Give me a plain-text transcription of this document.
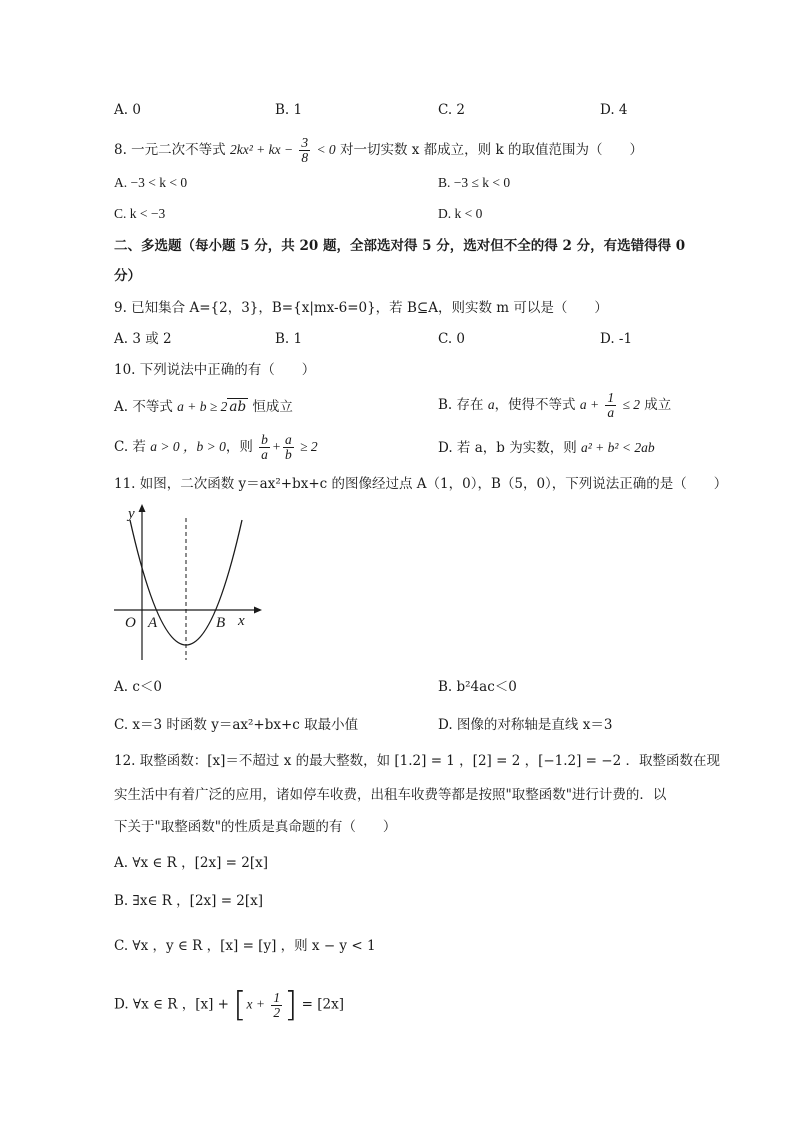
A. 0	B. 1	C. 2	D. 4
8. 一元二次不等式 2kx² + kx − $\frac{3}{8} < 0$ 对一切实数 x 都成立，则 k 的取值范围为（　　）
A. −3 < k < 0	B. −3 ≤ k < 0
C. k < −3	D. k < 0
二、多选题（每小题 5 分，共 20 题，全部选对得 5 分，选对但不全的得 2 分，有选错得得 0
分）
9. 已知集合 A={2，3}，B={x|mx-6=0}，若 B⊆A，则实数 m 可以是（　　）
A. 3 或 2	B. 1	C. 0	D. -1
10. 下列说法中正确的有（　　）
A. 不等式 a + b ≥ 2 ab 恒成立	B. 存在 a，使得不等式 $a + \frac{1}{a} \le 2$ 成立
C. 若 a > 0 ，b > 0，则 $\frac{b}{a} + \frac{a}{b} \ge 2$	D. 若 a，b 为实数，则 a² + b² < 2ab
11. 如图，二次函数 y＝ax²+bx+c 的图像经过点 A（1，0），B（5，0），下列说法正确的是（　　）
y
x
O A	B
A. c＜0	B. b²4ac＜0
C. x＝3 时函数 y＝ax²+bx+c 取最小值	D. 图像的对称轴是直线 x＝3
12. 取整函数：[x]＝不超过 x 的最大整数，如 [1.2] = 1 ，[2] = 2 ，[−1.2] = −2 ．取整函数在现
实生活中有着广泛的应用，诸如停车收费，出租车收费等都是按照"取整函数"进行计费的．以
下关于"取整函数"的性质是真命题的有（　　）
A. ∀x ∈ R ，[2x] = 2[x]
B. ∃x∈ R ，[2x] = 2[x]
C. ∀x ，y ∈ R ，[x] = [y] ，则 x − y < 1
D. ∀x ∈ R ，$[x] + [x + \frac{1}{2}$ ] = [2x]
